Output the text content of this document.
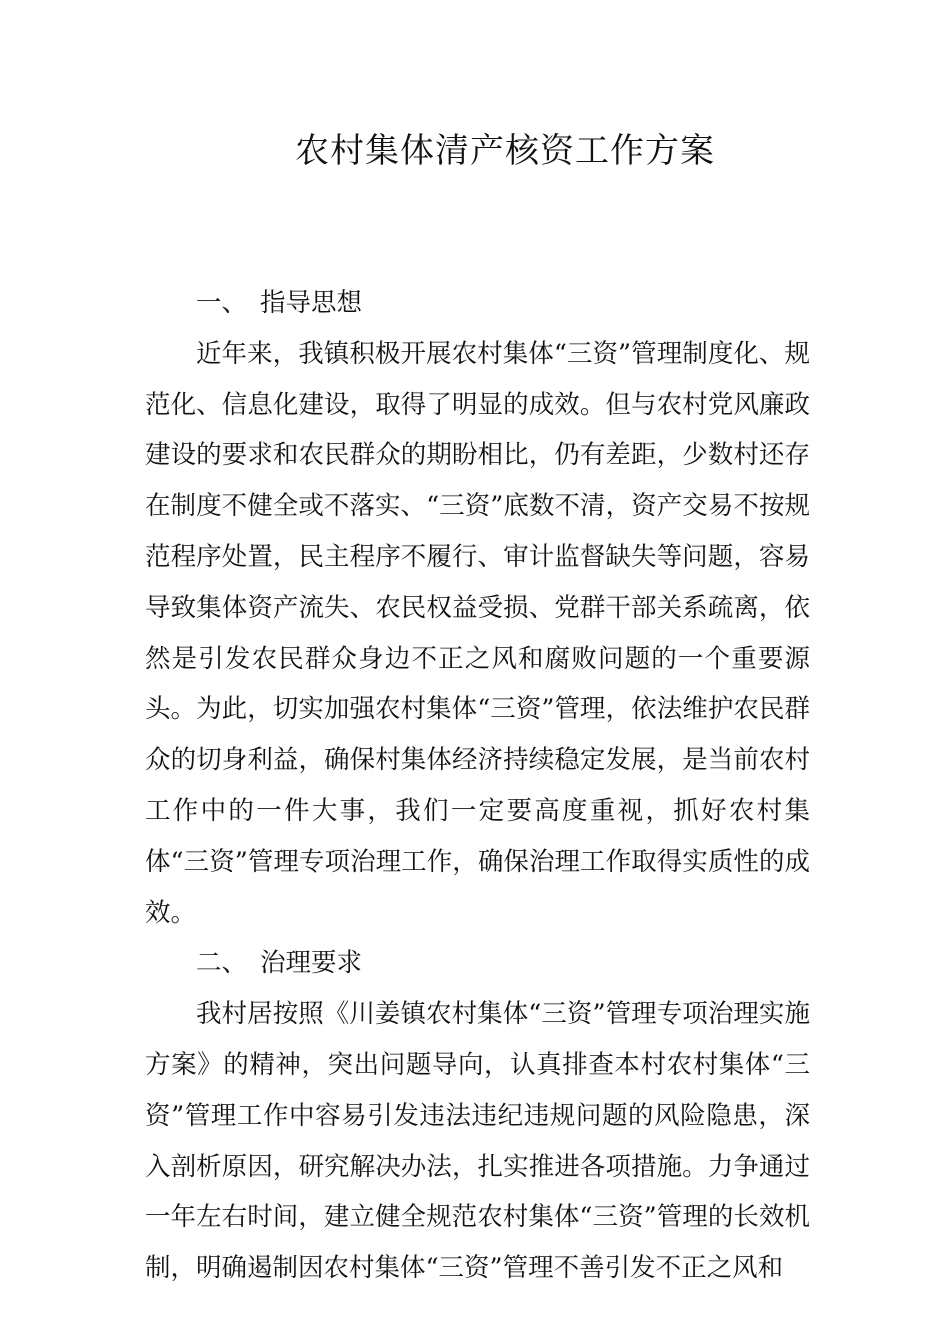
农村集体清产核资工作方案

一、 指导思想

近年来，我镇积极开展农村集体“三资”管理制度化、规范化、信息化建设，取得了明显的成效。但与农村党风廉政建设的要求和农民群众的期盼相比，仍有差距，少数村还存在制度不健全或不落实、“三资”底数不清，资产交易不按规范程序处置，民主程序不履行、审计监督缺失等问题，容易导致集体资产流失、农民权益受损、党群干部关系疏离，依然是引发农民群众身边不正之风和腐败问题的一个重要源头。为此，切实加强农村集体“三资”管理，依法维护农民群众的切身利益，确保村集体经济持续稳定发展，是当前农村工作中的一件大事，我们一定要高度重视，抓好农村集体“三资”管理专项治理工作，确保治理工作取得实质性的成效。

二、 治理要求

我村居按照《川姜镇农村集体“三资”管理专项治理实施方案》的精神，突出问题导向，认真排查本村农村集体“三资”管理工作中容易引发违法违纪违规问题的风险隐患，深入剖析原因，研究解决办法，扎实推进各项措施。力争通过一年左右时间，建立健全规范农村集体“三资”管理的长效机制，明确遏制因农村集体“三资”管理不善引发不正之风和
